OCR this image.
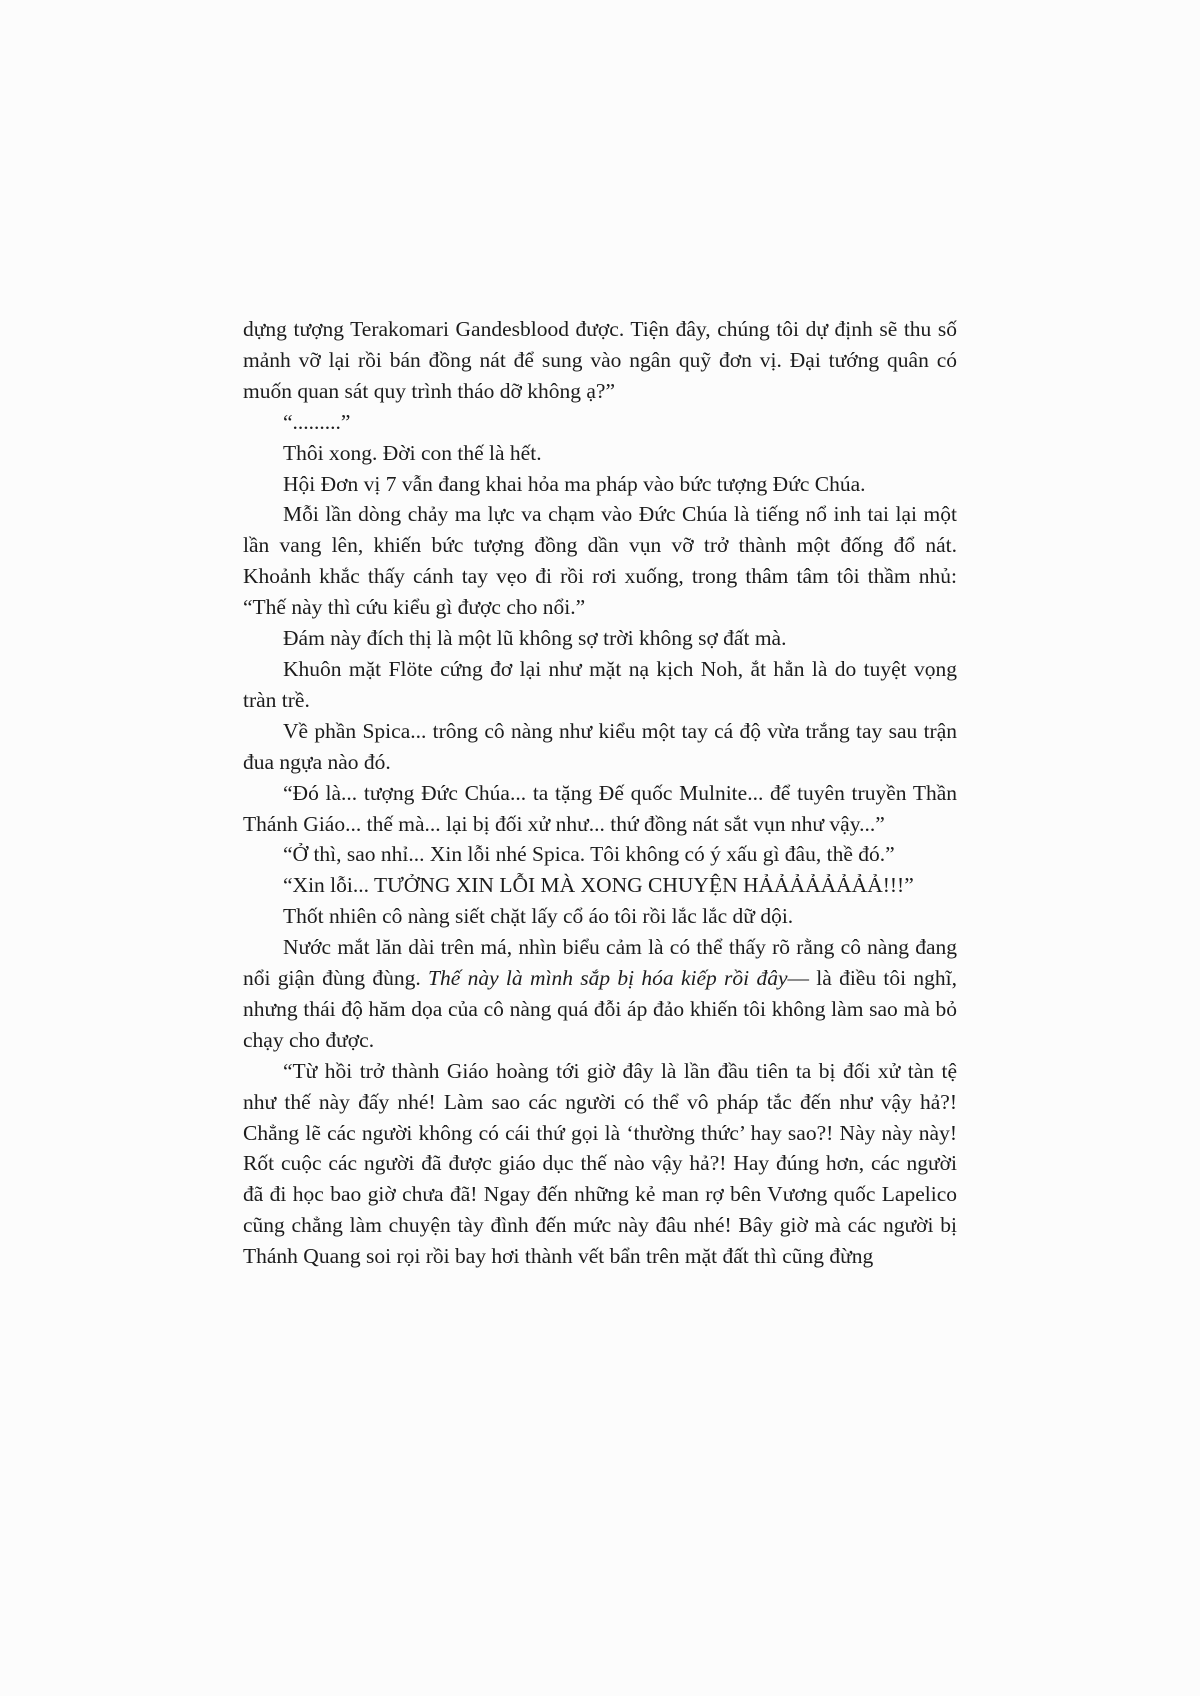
dựng tượng Terakomari Gandesblood được. Tiện đây, chúng tôi dự định sẽ thu số mảnh vỡ lại rồi bán đồng nát để sung vào ngân quỹ đơn vị. Đại tướng quân có muốn quan sát quy trình tháo dỡ không ạ?”

“.........”

Thôi xong. Đời con thế là hết.

Hội Đơn vị 7 vẫn đang khai hỏa ma pháp vào bức tượng Đức Chúa.

Mỗi lần dòng chảy ma lực va chạm vào Đức Chúa là tiếng nổ inh tai lại một lần vang lên, khiến bức tượng đồng dần vụn vỡ trở thành một đống đổ nát. Khoảnh khắc thấy cánh tay vẹo đi rồi rơi xuống, trong thâm tâm tôi thầm nhủ: “Thế này thì cứu kiểu gì được cho nổi.”

Đám này đích thị là một lũ không sợ trời không sợ đất mà.

Khuôn mặt Flöte cứng đơ lại như mặt nạ kịch Noh, ắt hẳn là do tuyệt vọng tràn trề.

Về phần Spica... trông cô nàng như kiểu một tay cá độ vừa trắng tay sau trận đua ngựa nào đó.

“Đó là... tượng Đức Chúa... ta tặng Đế quốc Mulnite... để tuyên truyền Thần Thánh Giáo... thế mà... lại bị đối xử như... thứ đồng nát sắt vụn như vậy...”

“Ở thì, sao nhỉ... Xin lỗi nhé Spica. Tôi không có ý xấu gì đâu, thề đó.”

“Xin lỗi... TƯỞNG XIN LỖI MÀ XONG CHUYỆN HẢẢẢẢẢẢẢẢ!!!”

Thốt nhiên cô nàng siết chặt lấy cổ áo tôi rồi lắc lắc dữ dội.

Nước mắt lăn dài trên má, nhìn biểu cảm là có thể thấy rõ rằng cô nàng đang nổi giận đùng đùng. Thế này là mình sắp bị hóa kiếp rồi đây— là điều tôi nghĩ, nhưng thái độ hăm dọa của cô nàng quá đỗi áp đảo khiến tôi không làm sao mà bỏ chạy cho được.

“Từ hồi trở thành Giáo hoàng tới giờ đây là lần đầu tiên ta bị đối xử tàn tệ như thế này đấy nhé! Làm sao các người có thể vô pháp tắc đến như vậy hả?! Chẳng lẽ các người không có cái thứ gọi là ‘thường thức’ hay sao?! Này này này! Rốt cuộc các người đã được giáo dục thế nào vậy hả?! Hay đúng hơn, các người đã đi học bao giờ chưa đã! Ngay đến những kẻ man rợ bên Vương quốc Lapelico cũng chẳng làm chuyện tày đình đến mức này đâu nhé! Bây giờ mà các người bị Thánh Quang soi rọi rồi bay hơi thành vết bẩn trên mặt đất thì cũng đừng
